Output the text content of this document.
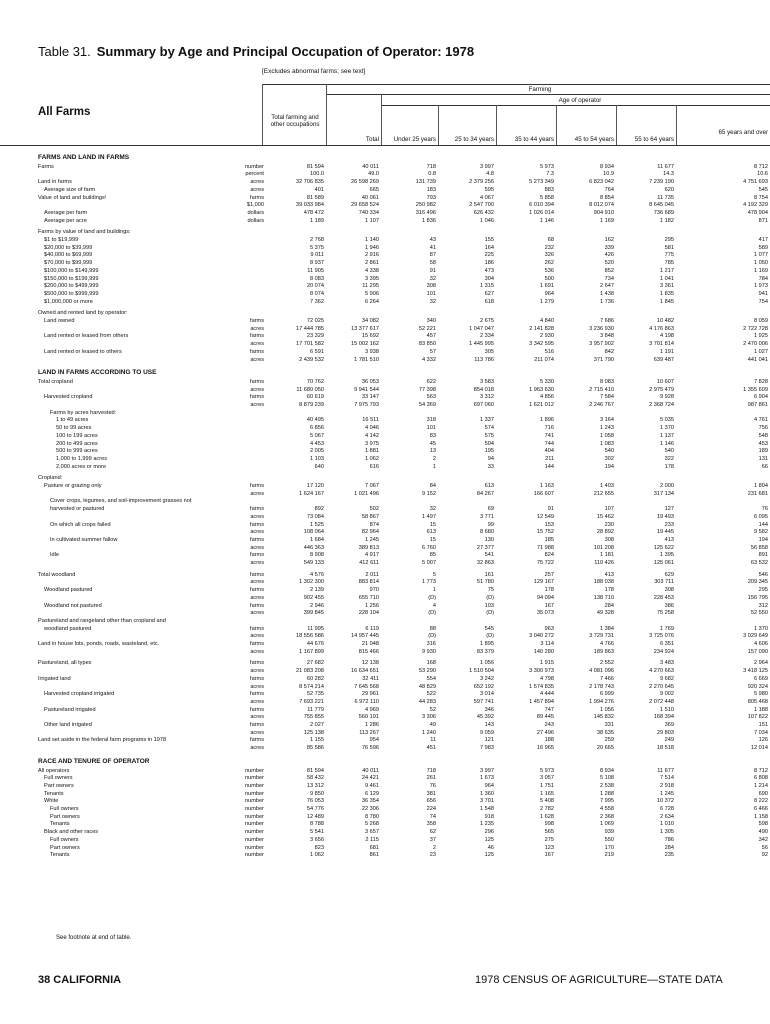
Table 31. Summary by Age and Principal Occupation of Operator: 1978
[Excludes abnormal farms; see text]
All Farms
Farming
Age of operator
Total farming and other occupations
Total	Under 25 years	25 to 34 years	35 to 44 years	45 to 54 years	55 to 64 years
65 years and over
FARMS AND LAND IN FARMS
Farms	number	81 594	40 011	718	3 997	5 973	8 934	11 677	8 712
percent	100.0	49.0	0.8	4.8	7.3	10.9	14.3	10.6
Land in farms	acres	32 706 835	26 598 269	131 739	2 379 256	5 273 349	6 823 042	7 239 190	4 751 693
Average size of farm	acres	401	665	183	595	883	764	620	545
Value of land and buildings¹	farms	81 589	40 061	793	4 067	5 858	8 854	11 735	8 754
$1,000	39 033 984	29 658 524	250 982	2 547 700	6 010 394	8 012 074	8 645 045	4 192 329
Average per farm	dollars	478 472	740 334	316 496	626 432	1 026 014	904 910	736 689	478 904
Average per acre	dollars	1 189	1 107	1 836	1 046	1 146	1 169	1 182	871
Farms by value of land and buildings:
$1 to $19,999	2 768	1 140	43	155	68	162	295	417
$20,000 to $39,999	5 375	1 946	41	164	232	339	581	589
$40,000 to $69,999	9 011	2 916	87	225	326	426	775	1 077
$70,000 to $99,999	8 937	2 861	58	186	262	520	785	1 050
$100,000 to $149,999	11 905	4 338	91	473	536	852	1 217	1 169
$150,000 to $199,999	8 083	3 395	32	304	500	734	1 041	784
$200,000 to $499,999	20 074	11 295	308	1 315	1 691	2 647	3 361	1 973
$500,000 to $999,999	8 074	5 906	101	627	964	1 438	1 835	941
$1,000,000 or more	7 362	6 264	32	618	1 279	1 736	1 845	754
Owned and rented land by operator:
Land owned	farms	72 025	34 082	340	2 675	4 840	7 686	10 482	8 059
acres	17 444 785	13 377 617	52 221	1 047 047	2 141 828	3 236 930	4 176 863	2 722 728
Land rented or leased from others	farms	23 329	15 692	457	2 334	2 930	3 848	4 198	1 925
acres	17 701 582	15 002 162	83 850	1 445 995	3 342 595	3 957 902	3 701 814	2 470 006
Land rented or leased to others	farms	6 591	3 938	57	305	516	842	1 191	1 027
acres	2 439 532	1 781 510	4 332	113 786	211 074	371 790	639 487	441 041
LAND IN FARMS ACCORDING TO USE
Total cropland	farms	70 762	36 053	622	3 583	5 330	8 083	10 607	7 828
acres	11 680 050	9 941 544	77 398	854 018	1 963 630	2 715 410	2 975 479	1 355 609
Harvested cropland	farms	60 619	33 147	563	3 312	4 856	7 584	9 928	6 904
acres	8 879 239	7 975 793	54 369	697 060	1 621 012	2 246 767	2 368 724	987 861
Farms by acres harvested:
1 to 49 acres	40 495	16 511	318	1 337	1 896	3 164	5 035	4 761
50 to 99 acres	6 856	4 046	101	574	716	1 243	1 370	756
100 to 199 acres	5 067	4 142	83	575	741	1 058	1 137	548
200 to 499 acres	4 453	3 975	45	504	744	1 083	1 146	453
500 to 999 acres	2 005	1 881	13	195	404	540	540	189
1,000 to 1,999 acres	1 103	1 062	2	94	211	302	322	131
2,000 acres or more	640	616	1	33	144	194	178	66
Cropland:
Pasture or grazing only	farms	17 120	7 067	84	613	1 163	1 403	2 000	1 804
acres	1 624 167	1 021 496	9 152	84 267	166 607	212 655	317 134	231 681
Cover crops, legumes, and soil-improvement grasses not
harvested or pastured	farms	892	502	32	69	91	107	127	76
acres	73 084	58 867	1 497	3 771	12 549	15 462	19 493	6 095
On which all crops failed	farms	1 525	874	15	99	153	230	233	144
acres	108 064	82 964	613	8 680	15 752	28 892	19 445	9 582
In cultivated summer fallow	farms	1 684	1 245	15	130	185	308	413	194
acres	446 363	389 813	6 760	27 377	71 988	101 208	125 622	56 858
Idle	farms	8 908	4 917	85	541	824	1 181	1 395	891
acres	549 133	412 611	5 007	32 863	75 722	110 426	125 061	63 532
Total woodland	farms	4 576	2 011	5	161	257	413	629	546
acres	1 302 300	883 814	1 773	51 780	129 167	188 038	303 711	209 345
Woodland pastured	farms	2 139	970	1	75	178	178	308	295
acres	902 455	655 710	(D)	(D)	94 094	138 710	228 453	156 795
Woodland not pastured	farms	2 946	1 256	4	103	167	284	386	312
acres	399 845	228 104	(D)	(D)	35 073	49 328	75 258	52 550
Pastureland and rangeland other than cropland and
woodland pastured	farms	11 995	6 119	88	545	963	1 384	1 769	1 370
acres	18 556 586	14 957 445	(D)	(D)	3 040 272	3 729 731	3 725 076	3 029 649
Land in house lots, ponds, roads, wasteland, etc.	farms	44 676	21 048	316	1 895	3 114	4 766	6 351	4 606
acres	1 167 899	815 466	9 930	83 379	140 280	189 863	234 924	157 090
Pastureland, all types	farms	27 682	12 138	168	1 056	1 915	2 552	3 483	2 964
acres	21 083 208	16 634 651	53 290	1 510 504	3 300 973	4 081 096	4 270 663	3 418 125
Irrigated land	farms	60 282	32 411	554	3 242	4 798	7 466	9 682	6 669
acres	8 574 214	7 645 568	48 829	652 192	1 574 835	2 178 743	2 270 645	920 324
Harvested cropland irrigated	farms	52 735	29 961	522	3 014	4 444	6 999	9 002	5 980
acres	7 693 221	6 972 110	44 283	597 741	1 457 894	1 994 276	2 072 448	805 468
Pastureland irrigated	farms	11 779	4 969	52	346	747	1 056	1 510	1 188
acres	755 855	560 191	3 306	45 392	89 445	145 832	168 394	107 822
Other land irrigated	farms	2 027	1 286	49	143	243	331	369	151
acres	125 138	113 267	1 240	9 059	27 496	38 635	29 803	7 034
Land set aside in the federal farm programs in 1978	farms	1 155	954	11	121	188	259	249	126
acres	85 586	76 596	451	7 983	16 965	20 665	18 518	12 014
RACE AND TENURE OF OPERATOR
All operators	number	81 594	40 011	718	3 997	5 973	8 934	11 677	8 712
Full owners	number	58 432	24 421	261	1 673	3 057	5 108	7 514	6 808
Part owners	number	13 312	9 461	76	964	1 751	2 538	2 918	1 214
Tenants	number	9 850	6 129	381	1 360	1 165	1 288	1 245	690
White	number	76 053	36 354	656	3 701	5 408	7 995	10 372	8 222
Full owners	number	54 776	22 306	224	1 548	2 782	4 558	6 728	6 466
Part owners	number	12 489	8 780	74	918	1 628	2 368	2 634	1 158
Tenants	number	8 788	5 268	358	1 235	998	1 069	1 010	598
Black and other races	number	5 541	3 657	62	296	565	939	1 305	490
Full owners	number	3 656	2 115	37	125	275	550	786	342
Part owners	number	823	681	2	46	123	170	284	56
Tenants	number	1 062	861	23	125	167	219	235	92
See footnote at end of table.
38 CALIFORNIA	1978 CENSUS OF AGRICULTURE—STATE DATA
